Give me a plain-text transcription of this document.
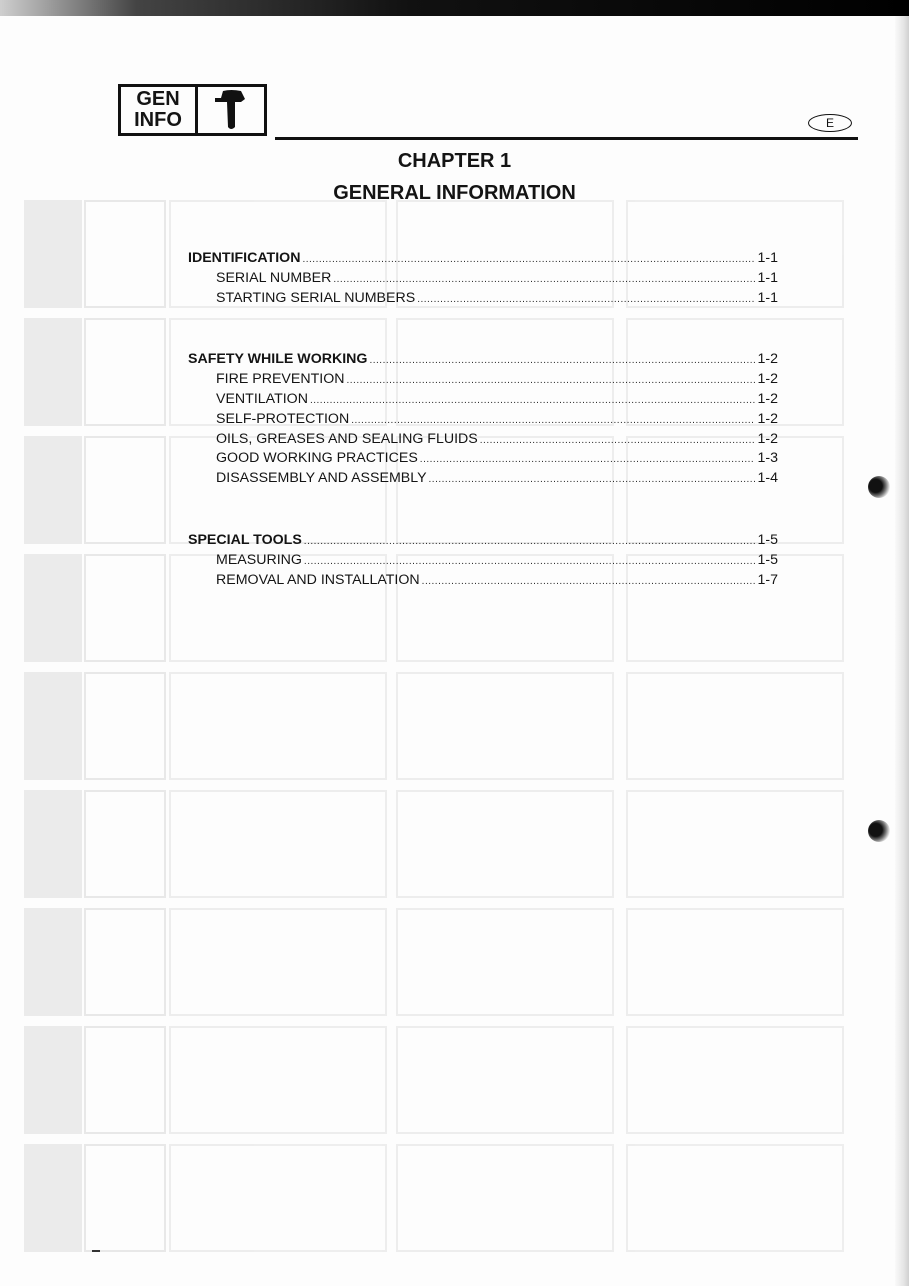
GEN
INFO	E
CHAPTER 1
GENERAL INFORMATION
IDENTIFICATION .....	1-1
SERIAL NUMBER .....	1-1
STARTING SERIAL NUMBERS .....	1-1
SAFETY WHILE WORKING .....	1-2
FIRE PREVENTION .....	1-2
VENTILATION .....	1-2
SELF-PROTECTION .....	1-2
OILS, GREASES AND SEALING FLUIDS .....	1-2
GOOD WORKING PRACTICES .....	1-3
DISASSEMBLY AND ASSEMBLY .....	1-4
SPECIAL TOOLS .....	1-5
MEASURING .....	1-5
REMOVAL AND INSTALLATION .....	1-7
